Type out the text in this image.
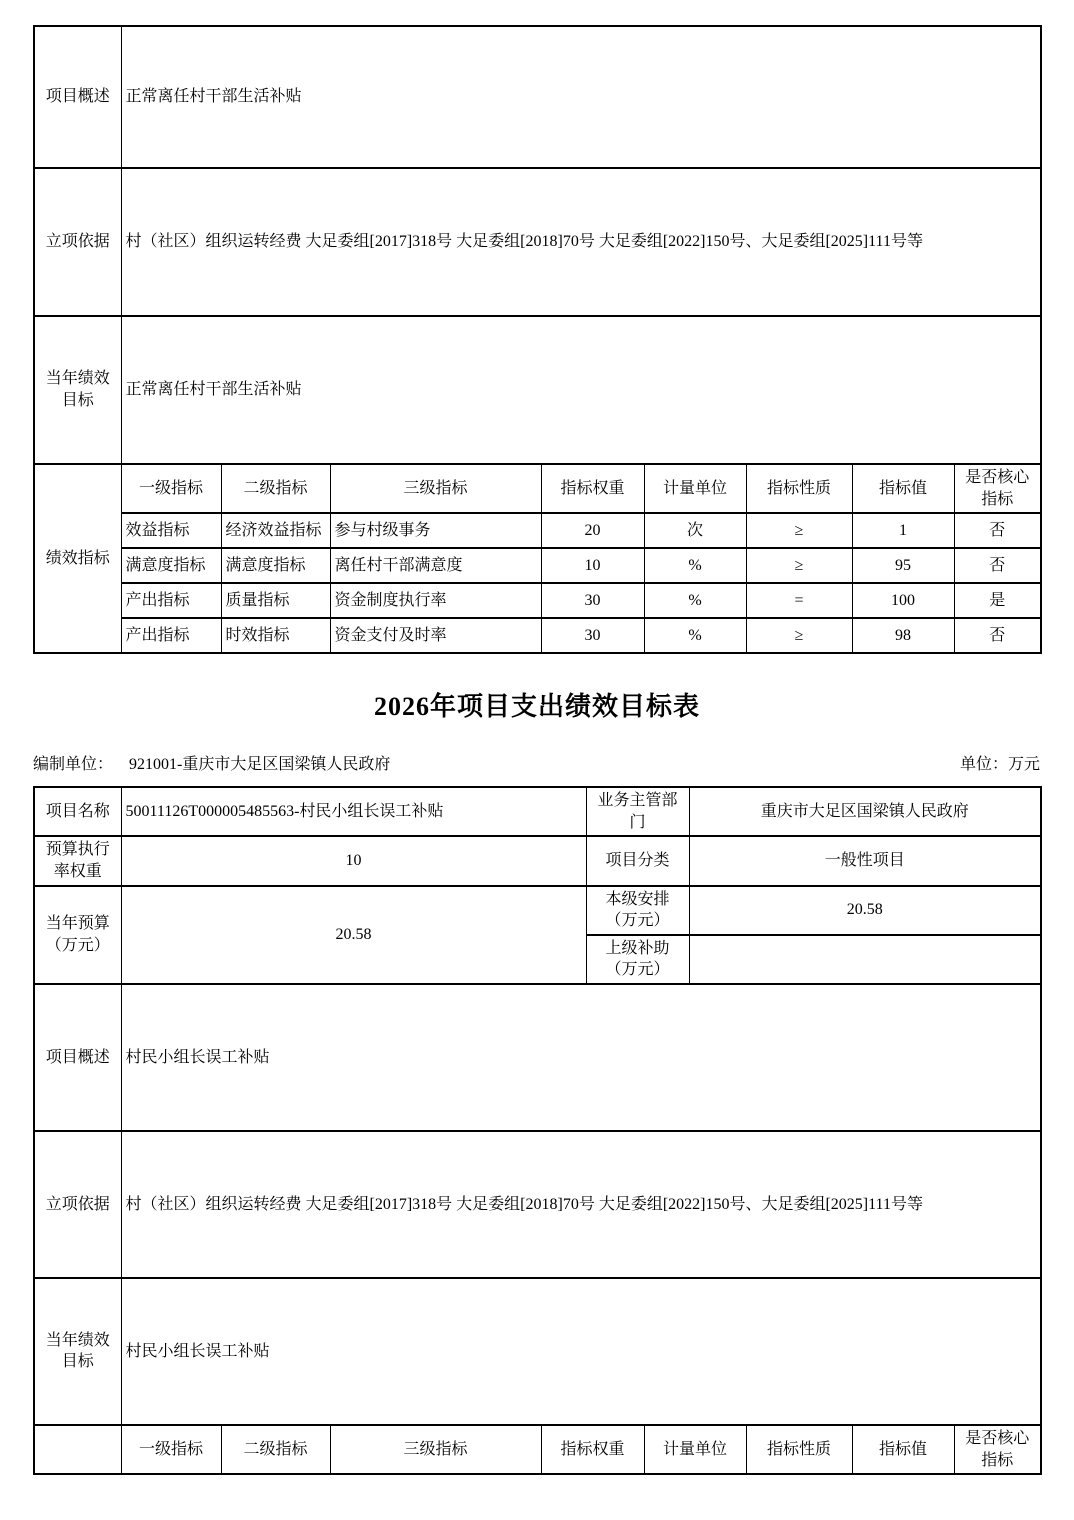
项目概述	正常离任村干部生活补贴							
立项依据	村（社区）组织运转经费 大足委组[2017]318号 大足委组[2018]70号 大足委组[2022]150号、大足委组[2025]111号等							
当年绩效目标	正常离任村干部生活补贴							
绩效指标	一级指标	二级指标	三级指标	指标权重	计量单位	指标性质	指标值	是否核心指标
	效益指标	经济效益指标	参与村级事务	20	次	≥	1	否
	满意度指标	满意度指标	离任村干部满意度	10	%	≥	95	否
	产出指标	质量指标	资金制度执行率	30	%	=	100	是
	产出指标	时效指标	资金支付及时率	30	%	≥	98	否
2026年项目支出绩效目标表
编制单位： 921001-重庆市大足区国梁镇人民政府	单位：万元
项目名称	50011126T000005485563-村民小组长误工补贴	业务主管部门	重庆市大足区国梁镇人民政府
预算执行率权重	10	项目分类	一般性项目
当年预算（万元）	20.58	本级安排（万元）	20.58
		上级补助（万元）	
项目概述	村民小组长误工补贴		
立项依据	村（社区）组织运转经费 大足委组[2017]318号 大足委组[2018]70号 大足委组[2022]150号、大足委组[2025]111号等		
当年绩效目标	村民小组长误工补贴		
	一级指标	二级指标	三级指标	指标权重	计量单位	指标性质	指标值	是否核心指标
